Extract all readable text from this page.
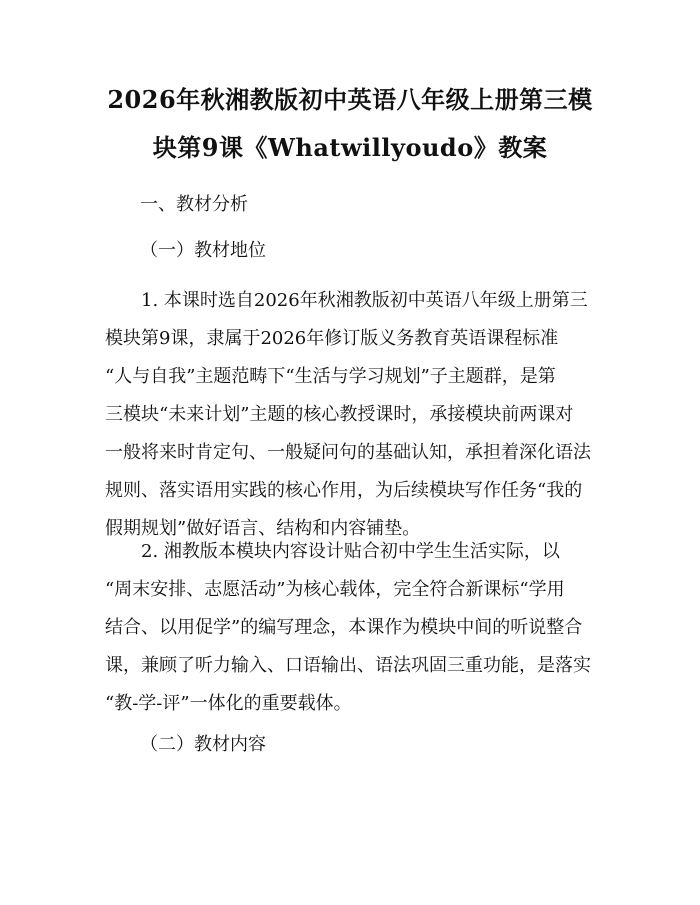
2026年秋湘教版初中英语八年级上册第三模
块第9课《Whatwillyoudo》教案

一、教材分析

（一）教材地位

1. 本课时选自2026年秋湘教版初中英语八年级上册第三
模块第9课，隶属于2026年修订版义务教育英语课程标准
“人与自我”主题范畴下“生活与学习规划”子主题群，是第
三模块“未来计划”主题的核心教授课时，承接模块前两课对
一般将来时肯定句、一般疑问句的基础认知，承担着深化语法
规则、落实语用实践的核心作用，为后续模块写作任务“我的
假期规划”做好语言、结构和内容铺垫。
2. 湘教版本模块内容设计贴合初中学生生活实际，以
“周末安排、志愿活动”为核心载体，完全符合新课标“学用
结合、以用促学”的编写理念，本课作为模块中间的听说整合
课，兼顾了听力输入、口语输出、语法巩固三重功能，是落实
“教-学-评”一体化的重要载体。

（二）教材内容
